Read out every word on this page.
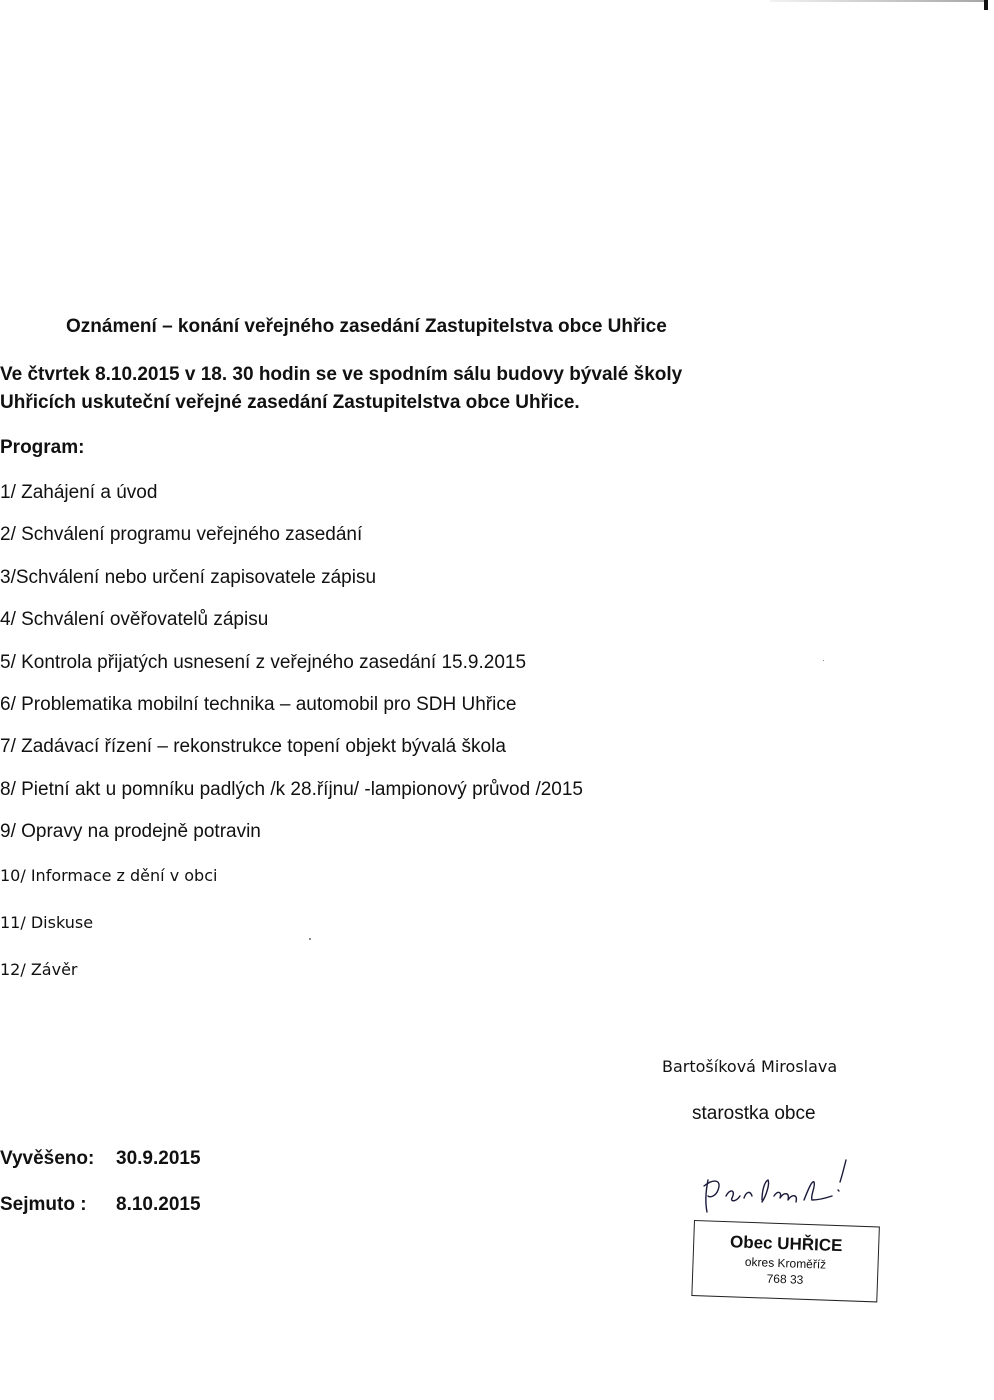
Oznámení – konání veřejného zasedání Zastupitelstva obce Uhřice
Ve čtvrtek 8.10.2015 v 18. 30 hodin se ve spodním sálu budovy bývalé školy
Uhřicích uskuteční veřejné zasedání Zastupitelstva obce Uhřice.
Program:
1/ Zahájení a úvod
2/ Schválení programu veřejného zasedání
3/Schválení nebo určení zapisovatele zápisu
4/ Schválení ověřovatelů zápisu
5/ Kontrola přijatých usnesení z veřejného zasedání 15.9.2015
6/ Problematika mobilní technika – automobil pro SDH Uhřice
7/ Zadávací řízení – rekonstrukce topení objekt bývalá škola
8/ Pietní akt u pomníku padlých /k 28.říjnu/ -lampionový průvod /2015
9/ Opravy na prodejně potravin
10/ Informace z dění v obci
11/ Diskuse
12/ Závěr
Bartošíková Miroslava
starostka obce
Vyvěšeno: 30.9.2015
Sejmuto : 8.10.2015
Obec UHŘICE
okres Kroměříž
768 33
